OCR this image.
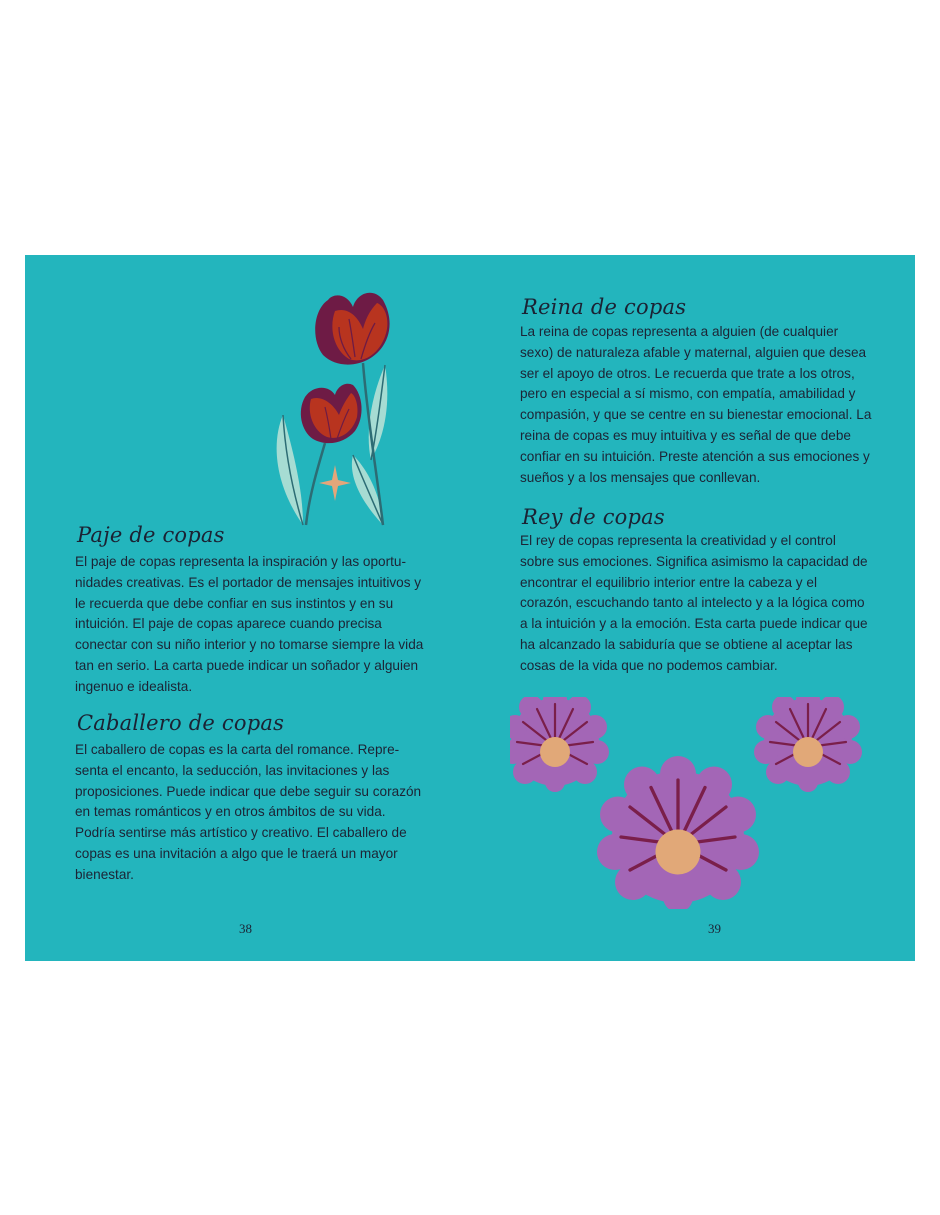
Paje de copas

El paje de copas representa la inspiración y las oportu-nidades creativas. Es el portador de mensajes intuitivos y le recuerda que debe confiar en sus instintos y en su intuición. El paje de copas aparece cuando precisa conectar con su niño interior y no tomarse siempre la vida tan en serio. La carta puede indicar un soñador y alguien ingenuo e idealista.

Caballero de copas

El caballero de copas es la carta del romance. Repre-senta el encanto, la seducción, las invitaciones y las proposiciones. Puede indicar que debe seguir su corazón en temas románticos y en otros ámbitos de su vida. Podría sentirse más artístico y creativo. El caballero de copas es una invitación a algo que le traerá un mayor bienestar.

38
Reina de copas

La reina de copas representa a alguien (de cualquier sexo) de naturaleza afable y maternal, alguien que desea ser el apoyo de otros. Le recuerda que trate a los otros, pero en especial a sí mismo, con empatía, amabilidad y compasión, y que se centre en su bienestar emocional. La reina de copas es muy intuitiva y es señal de que debe confiar en su intuición. Preste atención a sus emociones y sueños y a los mensajes que conllevan.

Rey de copas

El rey de copas representa la creatividad y el control sobre sus emociones. Significa asimismo la capacidad de encontrar el equilibrio interior entre la cabeza y el corazón, escuchando tanto al intelecto y a la lógica como a la intuición y a la emoción. Esta carta puede indicar que ha alcanzado la sabiduría que se obtiene al aceptar las cosas de la vida que no podemos cambiar.

39
